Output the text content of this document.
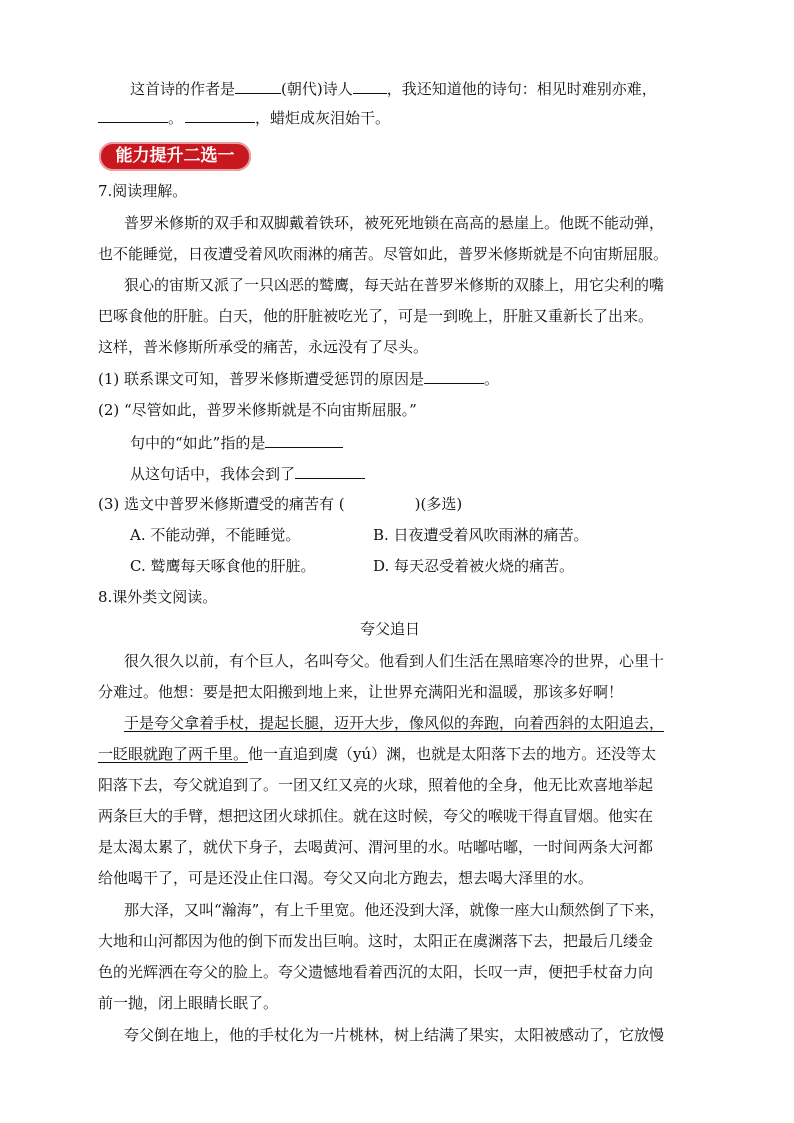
这首诗的作者是	(朝代)诗人 ，我还知道他的诗句：相见时难别亦难，
。	，蜡炬成灰泪始干。
能力提升二选一
7.阅读理解。
普罗米修斯的双手和双脚戴着铁环，被死死地锁在高高的悬崖上。他既不能动弹，
也不能睡觉，日夜遭受着风吹雨淋的痛苦。尽管如此，普罗米修斯就是不向宙斯屈服。
狠心的宙斯又派了一只凶恶的鹫鹰，每天站在普罗米修斯的双膝上，用它尖利的嘴
巴啄食他的肝脏。白天，他的肝脏被吃光了，可是一到晚上，肝脏又重新长了出来。
这样，普米修斯所承受的痛苦，永远没有了尽头。
(1) 联系课文可知，普罗米修斯遭受惩罚的原因是	。
(2) “尽管如此，普罗米修斯就是不向宙斯屈服。”
句中的“如此”指的是
从这句话中，我体会到了
(3) 选文中普罗米修斯遭受的痛苦有 (	)(多选)
A. 不能动弹，不能睡觉。	B. 日夜遭受着风吹雨淋的痛苦。
C. 鹫鹰每天啄食他的肝脏。	D. 每天忍受着被火烧的痛苦。
8.课外类文阅读。
夸父追日
很久很久以前，有个巨人，名叫夸父。他看到人们生活在黑暗寒冷的世界，心里十
分难过。他想：要是把太阳搬到地上来，让世界充满阳光和温暖，那该多好啊！
于是夸父拿着手杖，提起长腿，迈开大步，像风似的奔跑，向着西斜的太阳追去，
一眨眼就跑了两千里。他一直追到虞（yú）渊，也就是太阳落下去的地方。还没等太
阳落下去，夸父就追到了。一团又红又亮的火球，照着他的全身，他无比欢喜地举起
两条巨大的手臂，想把这团火球抓住。就在这时候，夸父的喉咙干得直冒烟。他实在
是太渴太累了，就伏下身子，去喝黄河、渭河里的水。咕嘟咕嘟，一时间两条大河都
给他喝干了，可是还没止住口渴。夸父又向北方跑去，想去喝大泽里的水。
那大泽，又叫“瀚海”，有上千里宽。他还没到大泽，就像一座大山颓然倒了下来，
大地和山河都因为他的倒下而发出巨响。这时，太阳正在虞渊落下去，把最后几缕金
色的光辉洒在夸父的脸上。夸父遗憾地看着西沉的太阳，长叹一声，便把手杖奋力向
前一抛，闭上眼睛长眠了。
夸父倒在地上，他的手杖化为一片桃林，树上结满了果实，太阳被感动了，它放慢
